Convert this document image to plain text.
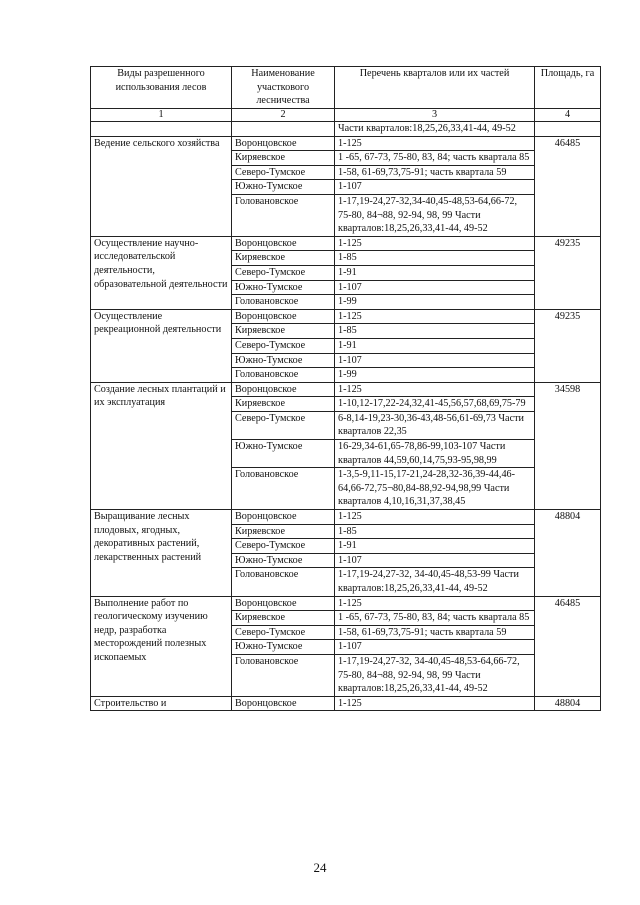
Виды разрешенного использования лесов	Наименование участкового лесничества	Перечень кварталов или их частей	Площадь, га
1	2	3	4
		Части кварталов:18,25,26,33,41-44, 49-52	
Ведение сельского хозяйства	Воронцовское	1-125	46485
	Киряевское	1 -65, 67-73, 75-80, 83, 84; часть квартала 85	
	Северо-Тумское	1-58, 61-69,73,75-91; часть квартала 59	
	Южно-Тумское	1-107	
	Голованoвское	1-17,19-24,27-32,34-40,45-48,53-64,66-72, 75-80, 84¬88, 92-94, 98, 99 Части кварталов:18,25,26,33,41-44, 49-52	
Осуществление научно-исследовательской деятельности, образовательной деятельности	Воронцовское	1-125	49235
	Киряевское	1-85	
	Северо-Тумское	1-91	
	Южно-Тумское	1-107	
	Головановское	1-99	
Осуществление рекреационной деятельности	Воронцовское	1-125	49235
	Киряевское	1-85	
	Северо-Тумское	1-91	
	Южно-Тумское	1-107	
	Головановское	1-99	
Создание лесных плантаций и их эксплуатация	Воронцовское	1-125	34598
	Киряевское	1-10,12-17,22-24,32,41-45,56,57,68,69,75-79	
	Северо-Тумское	6-8,14-19,23-30,36-43,48-56,61-69,73 Части кварталов 22,35	
	Южно-Тумское	16-29,34-61,65-78,86-99,103-107 Части кварталов 44,59,60,14,75,93-95,98,99	
	Головановское	1-3,5-9,11-15,17-21,24-28,32-36,39-44,46-64,66-72,75¬80,84-88,92-94,98,99 Части кварталов 4,10,16,31,37,38,45	
Выращивание лесных плодовых, ягодных, декоративных растений, лекарственных растений	Воронцовское	1-125	48804
	Киряевское	1-85	
	Северо-Тумское	1-91	
	Южно-Тумское	1-107	
	Голованoвское	1-17,19-24,27-32, 34-40,45-48,53-99 Части кварталов:18,25,26,33,41-44, 49-52	
Выполнение работ по геологическому изучению недр, разработка месторождений полезных ископаемых	Воронцовское	1-125	46485
	Киряевское	1 -65, 67-73, 75-80, 83, 84; часть квартала 85	
	Северо-Тумское	1-58, 61-69,73,75-91; часть квартала 59	
	Южно-Тумское	1-107	
	Головановское	1-17,19-24,27-32, 34-40,45-48,53-64,66-72, 75-80, 84¬88, 92-94, 98, 99 Части кварталов:18,25,26,33,41-44, 49-52	
Строительство и	Воронцовское	1-125	48804
24
